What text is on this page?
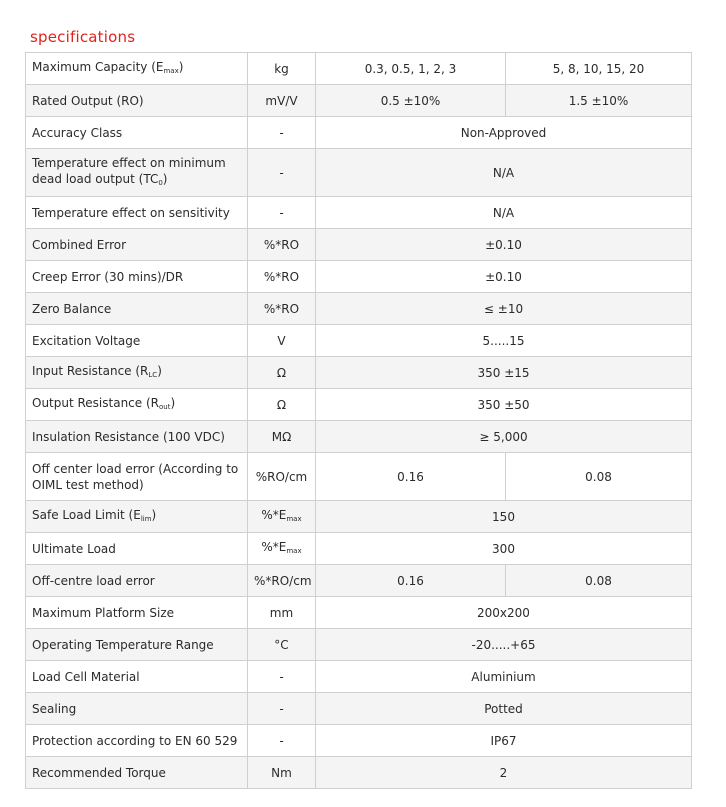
specifications
Maximum Capacity $(E_{max})$	kg	0.3, 0.5, 1, 2, 3	5, 8, 10, 15, 20
Rated Output (RO)	mV/V	0.5 ±10%	1.5 ±10%
Accuracy Class	-	Non-Approved	
Temperature effect on minimum dead load output $(TC_0)$	-	N/A	
Temperature effect on sensitivity	-	N/A	
Combined Error	%*RO	±0.10	
Creep Error (30 mins)/DR	%*RO	±0.10	
Zero Balance	%*RO	≤ ±10	
Excitation Voltage	V	5.....15	
Input Resistance $(R_{LC})$	Ω	350 ±15	
Output Resistance $(R_{out})$	Ω	350 ±50	
Insulation Resistance (100 VDC)	MΩ	≥ 5,000	
Off center load error (According to OIML test method)	%RO/cm	0.16	0.08
Safe Load Limit $(E_{lim})$	$\%*E_{max}$	150	
Ultimate Load	$\%*E_{max}$	300	
Off-centre load error	%*RO/cm	0.16	0.08
Maximum Platform Size	mm	200x200	
Operating Temperature Range	°C	-20.....+65	
Load Cell Material	-	Aluminium	
Sealing	-	Potted	
Protection according to EN 60 529	-	IP67	
Recommended Torque	Nm	2	
